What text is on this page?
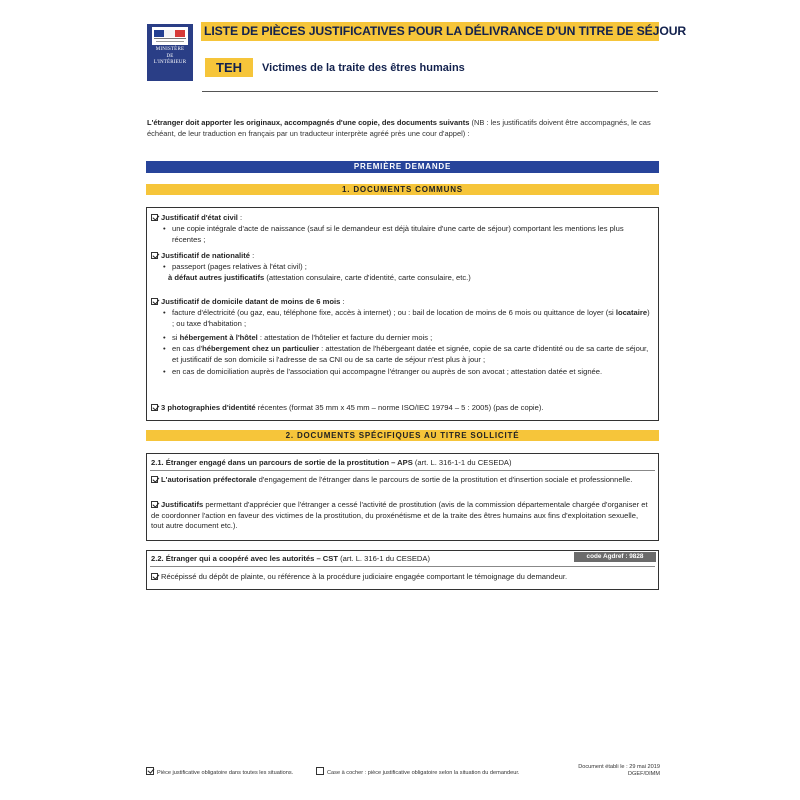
MINISTÈRE
DE
L'INTÉRIEUR
LISTE DE PIÈCES JUSTIFICATIVES POUR LA DÉLIVRANCE D'UN TITRE DE SÉJOUR
TEH	Victimes de la traite des êtres humains
L'étranger doit apporter les originaux, accompagnés d'une copie, des documents suivants (NB : les justificatifs doivent être accompagnés, le cas échéant, de leur traduction en français par un traducteur interprète agréé près une cour d'appel) :
PREMIÈRE DEMANDE
1. DOCUMENTS COMMUNS
Justificatif d'état civil :
• une copie intégrale d'acte de naissance (sauf si le demandeur est déjà titulaire d'une carte de séjour) comportant les mentions les plus récentes ;
Justificatif de nationalité :
• passeport (pages relatives à l'état civil) ;
à défaut autres justificatifs (attestation consulaire, carte d'identité, carte consulaire, etc.)
Justificatif de domicile datant de moins de 6 mois :
• facture d'électricité (ou gaz, eau, téléphone fixe, accès à internet) ; ou : bail de location de moins de 6 mois ou quittance de loyer (si locataire) ; ou taxe d'habitation ;
• si hébergement à l'hôtel : attestation de l'hôtelier et facture du dernier mois ;
• en cas d'hébergement chez un particulier : attestation de l'hébergeant datée et signée, copie de sa carte d'identité ou de sa carte de séjour, et justificatif de son domicile si l'adresse de sa CNI ou de sa carte de séjour n'est plus à jour ;
• en cas de domiciliation auprès de l'association qui accompagne l'étranger ou auprès de son avocat ; attestation datée et signée.
3 photographies d'identité récentes (format 35 mm x 45 mm – norme ISO/IEC 19794 – 5 : 2005) (pas de copie).
2. DOCUMENTS SPÉCIFIQUES AU TITRE SOLLICITÉ
2.1. Étranger engagé dans un parcours de sortie de la prostitution – APS (art. L. 316-1-1 du CESEDA)
L'autorisation préfectorale d'engagement de l'étranger dans le parcours de sortie de la prostitution et d'insertion sociale et professionnelle.
Justificatifs permettant d'apprécier que l'étranger a cessé l'activité de prostitution (avis de la commission départementale chargée d'organiser et de coordonner l'action en faveur des victimes de la prostitution, du proxénétisme et de la traite des êtres humains aux fins d'exploitation sexuelle, tout autre document etc.).
2.2. Étranger qui a coopéré avec les autorités – CST (art. L. 316-1 du CESEDA)	code Agdref : 9828
Récépissé du dépôt de plainte, ou référence à la procédure judiciaire engagée comportant le témoignage du demandeur.
Pièce justificative obligatoire dans toutes les situations.	Case à cocher : pièce justificative obligatoire selon la situation du demandeur.
Document établi le : 29 mai 2019
DGEF/DIMM
